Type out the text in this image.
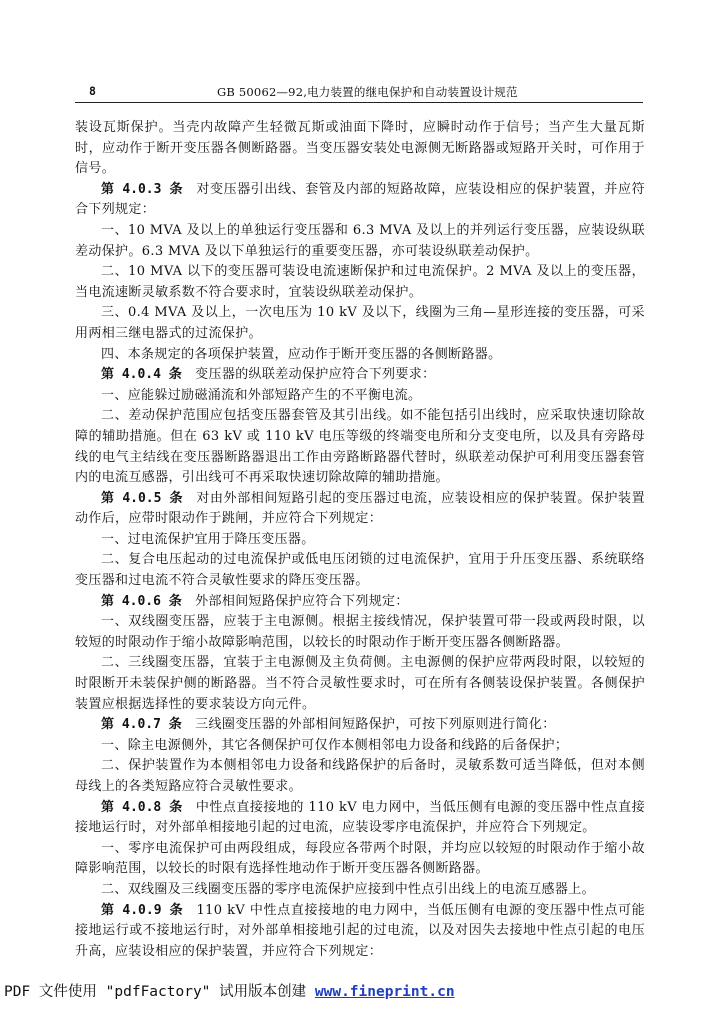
8	GB 50062—92,电力装置的继电保护和自动装置设计规范

装设瓦斯保护。当壳内故障产生轻微瓦斯或油面下降时，应瞬时动作于信号；当产生大量瓦斯时，应动作于断开变压器各侧断路器。当变压器安装处电源侧无断路器或短路开关时，可作用于信号。

第 4.0.3 条　对变压器引出线、套管及内部的短路故障，应装设相应的保护装置，并应符合下列规定：

一、10 MVA 及以上的单独运行变压器和 6.3 MVA 及以上的并列运行变压器，应装设纵联差动保护。6.3 MVA 及以下单独运行的重要变压器，亦可装设纵联差动保护。

二、10 MVA 以下的变压器可装设电流速断保护和过电流保护。2 MVA 及以上的变压器，当电流速断灵敏系数不符合要求时，宜装设纵联差动保护。

三、0.4 MVA 及以上，一次电压为 10 kV 及以下，线圈为三角—星形连接的变压器，可采用两相三继电器式的过流保护。

四、本条规定的各项保护装置，应动作于断开变压器的各侧断路器。

第 4.0.4 条　变压器的纵联差动保护应符合下列要求：

一、应能躲过励磁涌流和外部短路产生的不平衡电流。

二、差动保护范围应包括变压器套管及其引出线。如不能包括引出线时，应采取快速切除故障的辅助措施。但在 63 kV 或 110 kV 电压等级的终端变电所和分支变电所，以及具有旁路母线的电气主结线在变压器断路器退出工作由旁路断路器代替时，纵联差动保护可利用变压器套管内的电流互感器，引出线可不再采取快速切除故障的辅助措施。

第 4.0.5 条　对由外部相间短路引起的变压器过电流，应装设相应的保护装置。保护装置动作后，应带时限动作于跳闸，并应符合下列规定：

一、过电流保护宜用于降压变压器。

二、复合电压起动的过电流保护或低电压闭锁的过电流保护，宜用于升压变压器、系统联络变压器和过电流不符合灵敏性要求的降压变压器。

第 4.0.6 条　外部相间短路保护应符合下列规定：

一、双线圈变压器，应装于主电源侧。根据主接线情况，保护装置可带一段或两段时限，以较短的时限动作于缩小故障影响范围，以较长的时限动作于断开变压器各侧断路器。

二、三线圈变压器，宜装于主电源侧及主负荷侧。主电源侧的保护应带两段时限，以较短的时限断开未装保护侧的断路器。当不符合灵敏性要求时，可在所有各侧装设保护装置。各侧保护装置应根据选择性的要求装设方向元件。

第 4.0.7 条　三线圈变压器的外部相间短路保护，可按下列原则进行简化：

一、除主电源侧外，其它各侧保护可仅作本侧相邻电力设备和线路的后备保护；

二、保护装置作为本侧相邻电力设备和线路保护的后备时，灵敏系数可适当降低，但对本侧母线上的各类短路应符合灵敏性要求。

第 4.0.8 条　中性点直接接地的 110 kV 电力网中，当低压侧有电源的变压器中性点直接接地运行时，对外部单相接地引起的过电流，应装设零序电流保护，并应符合下列规定。

一、零序电流保护可由两段组成，每段应各带两个时限，并均应以较短的时限动作于缩小故障影响范围，以较长的时限有选择性地动作于断开变压器各侧断路器。

二、双线圈及三线圈变压器的零序电流保护应接到中性点引出线上的电流互感器上。

第 4.0.9 条　110 kV 中性点直接接地的电力网中，当低压侧有电源的变压器中性点可能接地运行或不接地运行时，对外部单相接地引起的过电流，以及对因失去接地中性点引起的电压升高，应装设相应的保护装置，并应符合下列规定：

PDF 文件使用 "pdfFactory" 试用版本创建 www.fineprint.cn
